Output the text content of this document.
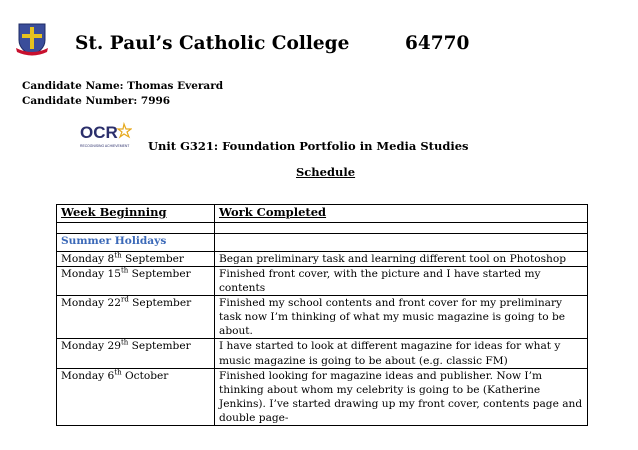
St. Paul’s Catholic College	64770
Candidate Name: Thomas Everard
Candidate Number: 7996
OCR
RECOGNISING ACHIEVEMENT Unit G321: Foundation Portfolio in Media Studies
Schedule
Week Beginning	Work Completed

Summer Holidays	
Monday 8th September	Began preliminary task and learning different tool on Photoshop
Monday 15th September	Finished front cover, with the picture and I have started my contents
Monday 22rd September	Finished my school contents and front cover for my preliminary task now I’m thinking of what my music magazine is going to be about.
Monday 29th September	I have started to look at different magazine for ideas for what y music magazine is going to be about (e.g. classic FM)
Monday 6th October	Finished looking for magazine ideas and publisher. Now I’m thinking about whom my celebrity is going to be (Katherine Jenkins). I’ve started drawing up my front cover, contents page and double page-
